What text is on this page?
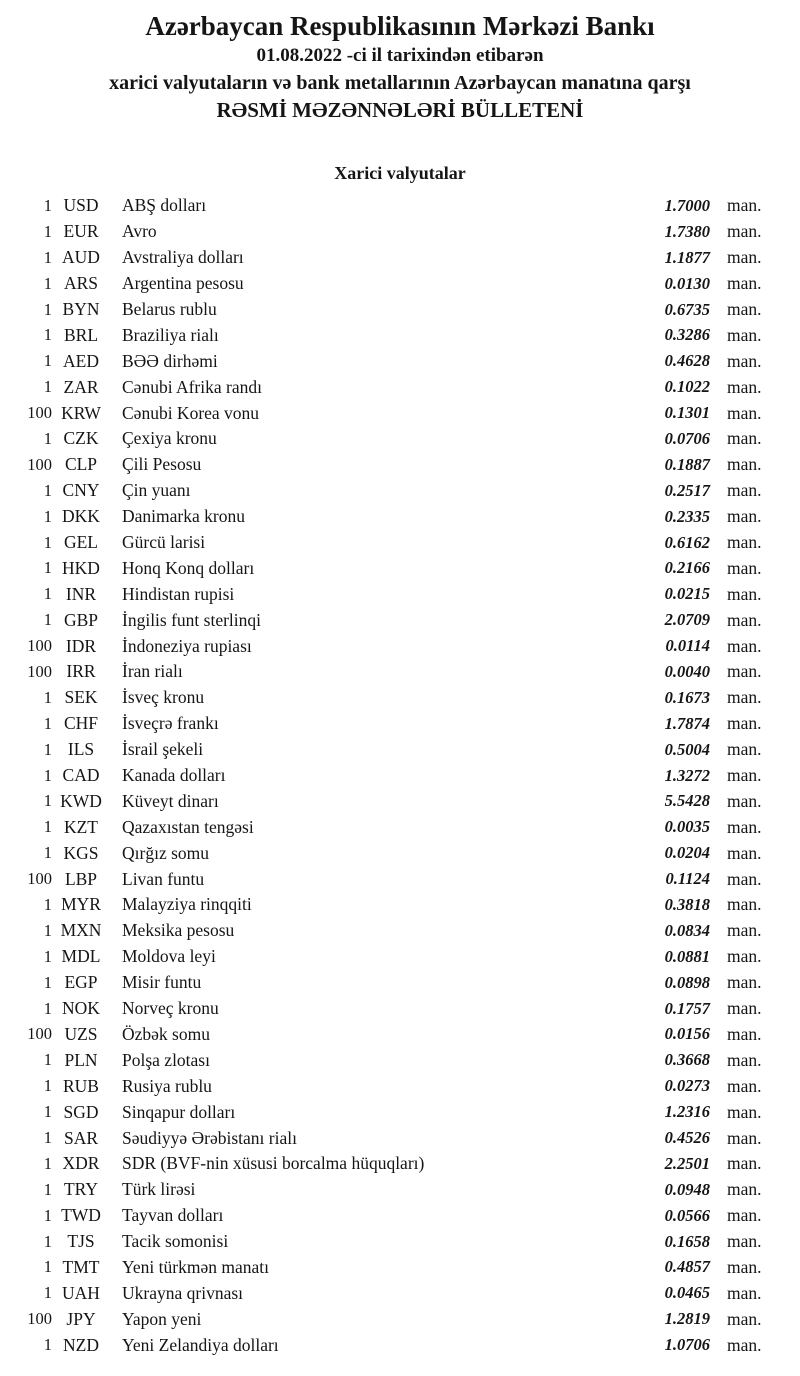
Azərbaycan Respublikasının Mərkəzi Bankı
01.08.2022 -ci il tarixindən etibarən
xarici valyutaların və bank metallarının Azərbaycan manatına qarşı
RƏSMİ MƏZƏNNƏLƏRİ BÜLLETENİ
Xarici valyutalar
1 USD	ABŞ dolları	1.7000 man.
1 EUR	Avro	1.7380 man.
1 AUD	Avstraliya dolları	1.1877 man.
1 ARS	Argentina pesosu	0.0130 man.
1 BYN	Belarus rublu	0.6735 man.
1 BRL	Braziliya rialı	0.3286 man.
1 AED	BƏƏ dirhəmi	0.4628 man.
1 ZAR	Cənubi Afrika randı	0.1022 man.
100 KRW	Cənubi Korea vonu	0.1301 man.
1 CZK	Çexiya kronu	0.0706 man.
100 CLP	Çili Pesosu	0.1887 man.
1 CNY	Çin yuanı	0.2517 man.
1 DKK	Danimarka kronu	0.2335 man.
1 GEL	Gürcü larisi	0.6162 man.
1 HKD	Honq Konq dolları	0.2166 man.
1 INR	Hindistan rupisi	0.0215 man.
1 GBP	İngilis funt sterlinqi	2.0709 man.
100 IDR	İndoneziya rupiası	0.0114 man.
100 IRR	İran rialı	0.0040 man.
1 SEK	İsveç kronu	0.1673 man.
1 CHF	İsveçrə frankı	1.7874 man.
1 ILS	İsrail şekeli	0.5004 man.
1 CAD	Kanada dolları	1.3272 man.
1 KWD	Küveyt dinarı	5.5428 man.
1 KZT	Qazaxıstan tengəsi	0.0035 man.
1 KGS	Qırğız somu	0.0204 man.
100 LBP	Livan funtu	0.1124 man.
1 MYR	Malayziya rinqqiti	0.3818 man.
1 MXN	Meksika pesosu	0.0834 man.
1 MDL	Moldova leyi	0.0881 man.
1 EGP	Misir funtu	0.0898 man.
1 NOK	Norveç kronu	0.1757 man.
100 UZS	Özbək somu	0.0156 man.
1 PLN	Polşa zlotası	0.3668 man.
1 RUB	Rusiya rublu	0.0273 man.
1 SGD	Sinqapur dolları	1.2316 man.
1 SAR	Səudiyyə Ərəbistanı rialı	0.4526 man.
1 XDR	SDR (BVF-nin xüsusi borcalma hüquqları)	2.2501 man.
1 TRY	Türk lirəsi	0.0948 man.
1 TWD	Tayvan dolları	0.0566 man.
1 TJS	Tacik somonisi	0.1658 man.
1 TMT	Yeni türkmən manatı	0.4857 man.
1 UAH	Ukrayna qrivnası	0.0465 man.
100 JPY	Yapon yeni	1.2819 man.
1 NZD	Yeni Zelandiya dolları	1.0706 man.
